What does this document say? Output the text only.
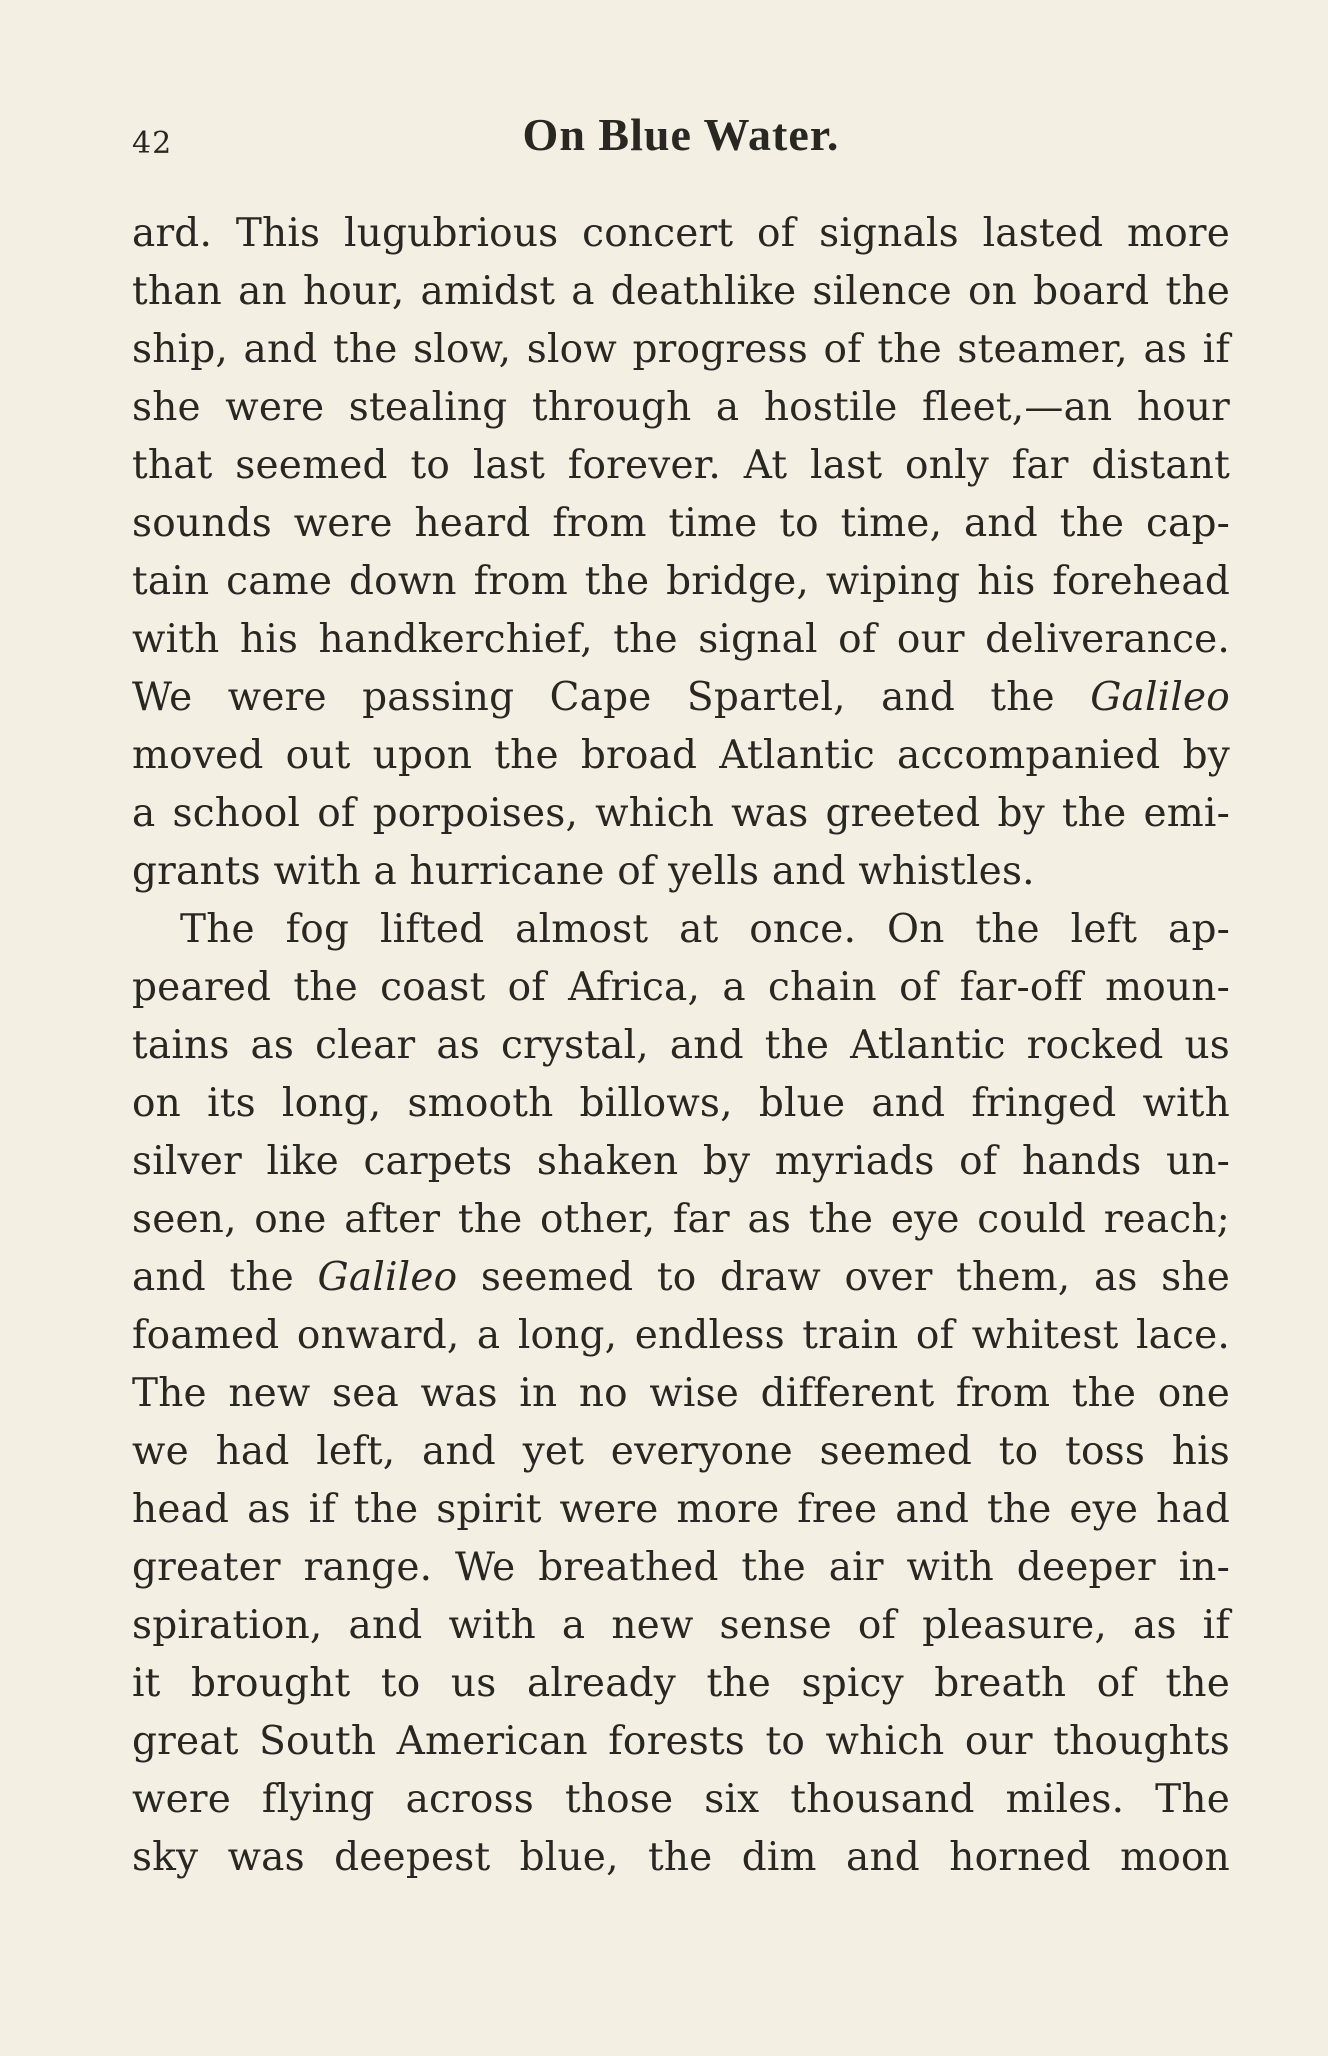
42	On Blue Water.
ard. This lugubrious concert of signals lasted more
than an hour, amidst a deathlike silence on board the
ship, and the slow, slow progress of the steamer, as if
she were stealing through a hostile fleet,—an hour
that seemed to last forever. At last only far distant
sounds were heard from time to time, and the cap-
tain came down from the bridge, wiping his forehead
with his handkerchief, the signal of our deliverance.
We were passing Cape Spartel, and the Galileo
moved out upon the broad Atlantic accompanied by
a school of porpoises, which was greeted by the emi-
grants with a hurricane of yells and whistles.
The fog lifted almost at once. On the left ap-
peared the coast of Africa, a chain of far-off moun-
tains as clear as crystal, and the Atlantic rocked us
on its long, smooth billows, blue and fringed with
silver like carpets shaken by myriads of hands un-
seen, one after the other, far as the eye could reach;
and the Galileo seemed to draw over them, as she
foamed onward, a long, endless train of whitest lace.
The new sea was in no wise different from the one
we had left, and yet everyone seemed to toss his
head as if the spirit were more free and the eye had
greater range. We breathed the air with deeper in-
spiration, and with a new sense of pleasure, as if
it brought to us already the spicy breath of the
great South American forests to which our thoughts
were flying across those six thousand miles. The
sky was deepest blue, the dim and horned moon
